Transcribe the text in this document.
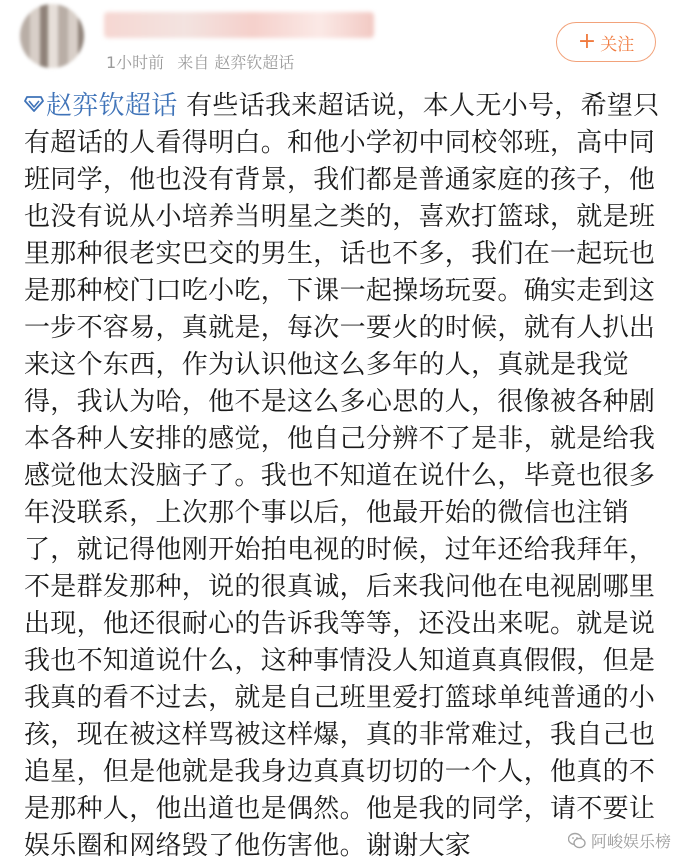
1小时前 来自 赵弈钦超话
+ 关注
赵弈钦超话 有些话我来超话说，本人无小号，希望只
有超话的人看得明白。和他小学初中同校邻班，高中同
班同学，他也没有背景，我们都是普通家庭的孩子，他
也没有说从小培养当明星之类的，喜欢打篮球，就是班
里那种很老实巴交的男生，话也不多，我们在一起玩也
是那种校门口吃小吃，下课一起操场玩耍。确实走到这
一步不容易，真就是，每次一要火的时候，就有人扒出
来这个东西，作为认识他这么多年的人，真就是我觉
得，我认为哈，他不是这么多心思的人，很像被各种剧
本各种人安排的感觉，他自己分辨不了是非，就是给我
感觉他太没脑子了。我也不知道在说什么，毕竟也很多
年没联系，上次那个事以后，他最开始的微信也注销
了，就记得他刚开始拍电视的时候，过年还给我拜年，
不是群发那种，说的很真诚，后来我问他在电视剧哪里
出现，他还很耐心的告诉我等等，还没出来呢。就是说
我也不知道说什么，这种事情没人知道真真假假，但是
我真的看不过去，就是自己班里爱打篮球单纯普通的小
孩，现在被这样骂被这样爆，真的非常难过，我自己也
追星，但是他就是我身边真真切切的一个人，他真的不
是那种人，他出道也是偶然。他是我的同学，请不要让
娱乐圈和网络毁了他伤害他。谢谢大家	阿峻娱乐榜
